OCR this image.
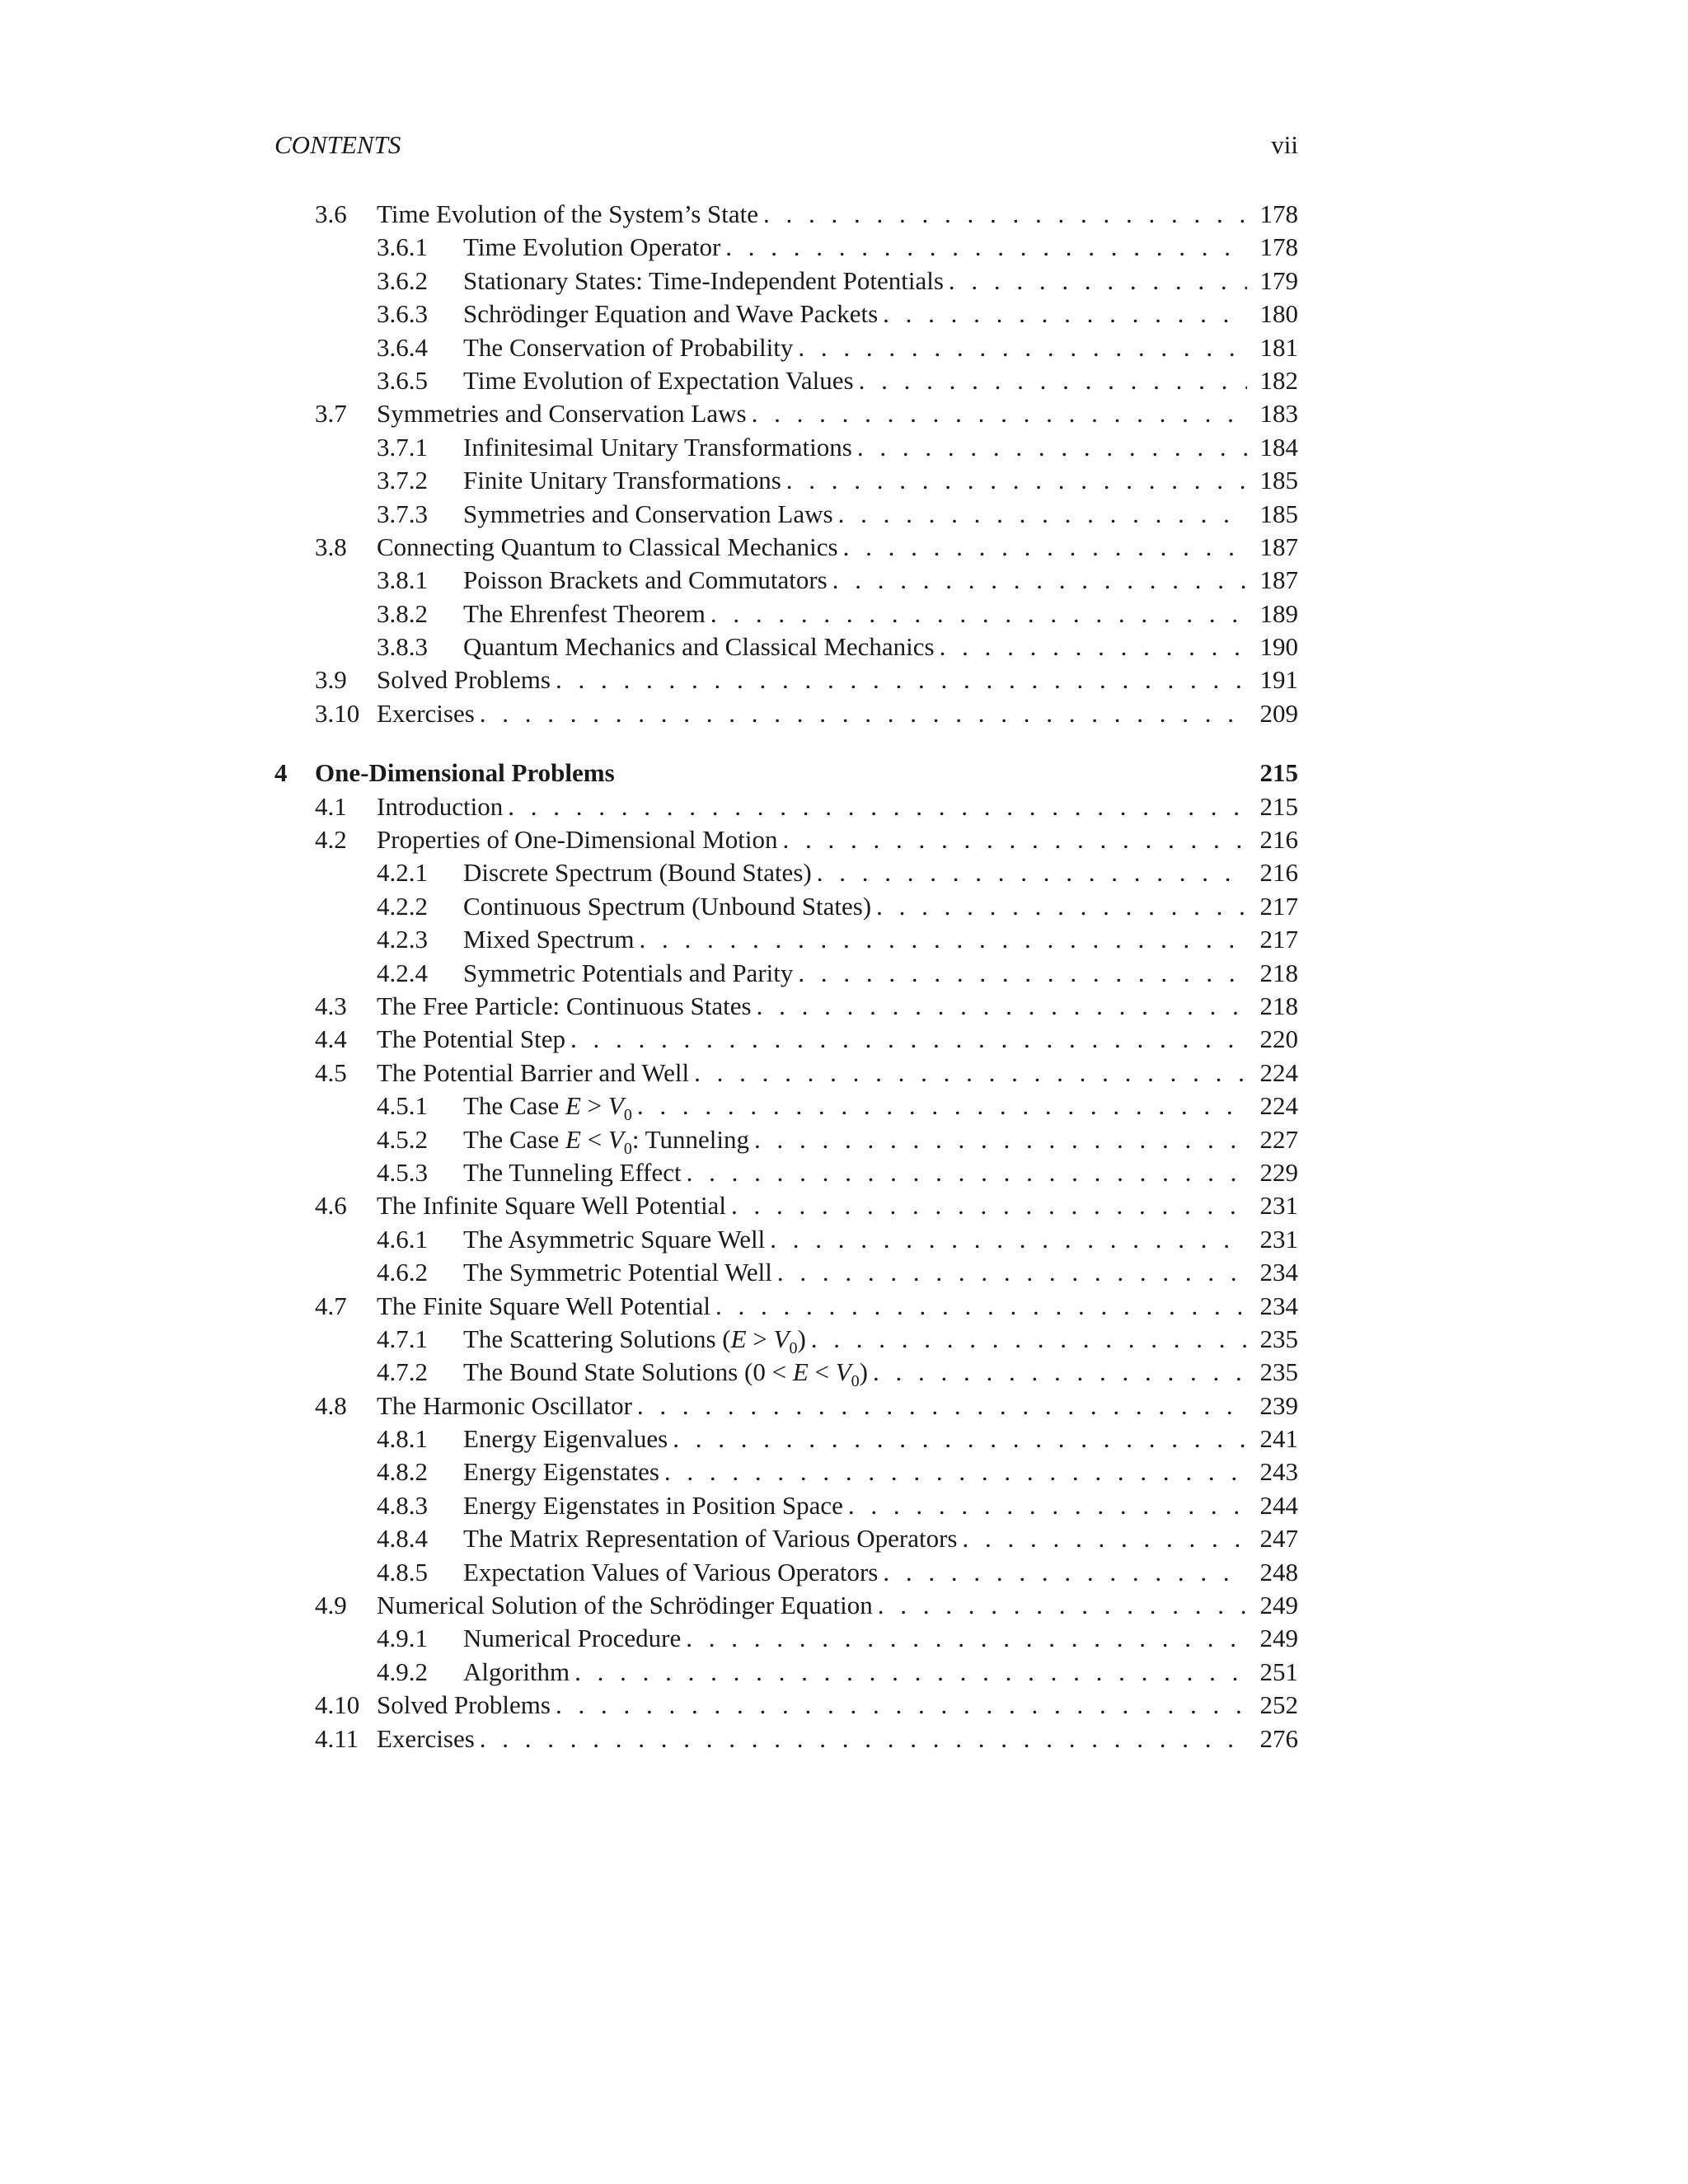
CONTENTS	vii
3.6 Time Evolution of the System’s State . . .	178
3.6.1 Time Evolution Operator . . .	178
3.6.2 Stationary States: Time-Independent Potentials . . .	179
3.6.3 Schrödinger Equation and Wave Packets . . .	180
3.6.4 The Conservation of Probability . . .	181
3.6.5 Time Evolution of Expectation Values . . .	182
3.7 Symmetries and Conservation Laws . . .	183
3.7.1 Infinitesimal Unitary Transformations . . .	184
3.7.2 Finite Unitary Transformations . . .	185
3.7.3 Symmetries and Conservation Laws . . .	185
3.8 Connecting Quantum to Classical Mechanics . . .	187
3.8.1 Poisson Brackets and Commutators . . .	187
3.8.2 The Ehrenfest Theorem . . .	189
3.8.3 Quantum Mechanics and Classical Mechanics . . .	190
3.9 Solved Problems . . .	191
3.10 Exercises . . .	209
4 One-Dimensional Problems	215
4.1 Introduction . . .	215
4.2 Properties of One-Dimensional Motion . . .	216
4.2.1 Discrete Spectrum (Bound States) . . .	216
4.2.2 Continuous Spectrum (Unbound States) . . .	217
4.2.3 Mixed Spectrum . . .	217
4.2.4 Symmetric Potentials and Parity . . .	218
4.3 The Free Particle: Continuous States . . .	218
4.4 The Potential Step . . .	220
4.5 The Potential Barrier and Well . . .	224
4.5.1 The Case $E > V_0$ . . .	224
4.5.2 The Case $E < V_0$: Tunneling . . .	227
4.5.3 The Tunneling Effect . . .	229
4.6 The Infinite Square Well Potential . . .	231
4.6.1 The Asymmetric Square Well . . .	231
4.6.2 The Symmetric Potential Well . . .	234
4.7 The Finite Square Well Potential . . .	234
4.7.1 The Scattering Solutions $(E > V_0)$ . . .	235
4.7.2 The Bound State Solutions $(0 < E < V_0)$ . . .	235
4.8 The Harmonic Oscillator . . .	239
4.8.1 Energy Eigenvalues . . .	241
4.8.2 Energy Eigenstates . . .	243
4.8.3 Energy Eigenstates in Position Space . . .	244
4.8.4 The Matrix Representation of Various Operators . . .	247
4.8.5 Expectation Values of Various Operators . . .	248
4.9 Numerical Solution of the Schrödinger Equation . . .	249
4.9.1 Numerical Procedure . . .	249
4.9.2 Algorithm . . .	251
4.10 Solved Problems . . .	252
4.11 Exercises . . .	276
